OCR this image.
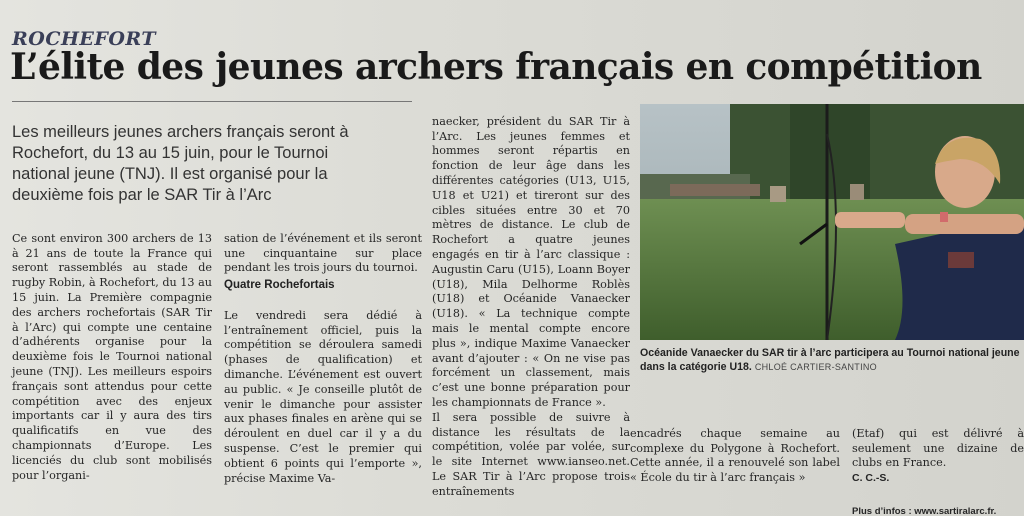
ROCHEFORT
L’élite des jeunes archers français en compétition
Les meilleurs jeunes archers français seront à Rochefort, du 13 au 15 juin, pour le Tournoi national jeune (TNJ). Il est organisé pour la deuxième fois par le SAR Tir à l’Arc

Ce sont environ 300 archers de 13 à 21 ans de toute la France qui seront rassemblés au stade de rugby Robin, à Rochefort, du 13 au 15 juin. La Première compagnie des archers rochefortais (SAR Tir à l’Arc) qui compte une centaine d’adhérents organise pour la deuxième fois le Tournoi national jeune (TNJ). Les meilleurs espoirs français sont attendus pour cette compétition avec des enjeux importants car il y aura des tirs qualificatifs en vue des championnats d’Europe. Les licenciés du club sont mobilisés pour l’organi-

sation de l’événement et ils seront une cinquantaine sur place pendant les trois jours du tournoi.

Quatre Rochefortais

Le vendredi sera dédié à l’entraînement officiel, puis la compétition se déroulera samedi (phases de qualification) et dimanche. L’événement est ouvert au public. « Je conseille plutôt de venir le dimanche pour assister aux phases finales en arène qui se déroulent en duel car il y a du suspense. C’est le premier qui obtient 6 points qui l’emporte », précise Maxime Va-

naecker, président du SAR Tir à l’Arc. Les jeunes femmes et hommes seront répartis en fonction de leur âge dans les différentes catégories (U13, U15, U18 et U21) et tireront sur des cibles situées entre 30 et 70 mètres de distance. Le club de Rochefort a quatre jeunes engagés en tir à l’arc classique : Augustin Caru (U15), Loann Boyer (U18), Mila Delhorme Roblès (U18) et Océanide Vanaecker (U18). « La technique compte mais le mental compte encore plus », indique Maxime Vanaecker avant d’ajouter : « On ne vise pas forcément un classement, mais c’est une bonne préparation pour les championnats de France ».

Il sera possible de suivre à distance les résultats de la compétition, volée par volée, sur le site Internet www.ianseo.net. Le SAR Tir à l’Arc propose trois entraînements

Océanide Vanaecker du SAR tir à l’arc participera au Tournoi national jeune dans la catégorie U18. CHLOÉ CARTIER-SANTINO

encadrés chaque semaine au complexe du Polygone à Rochefort. Cette année, il a renouvelé son label « École du tir à l’arc français »

(Etaf) qui est délivré à seulement une dizaine de clubs en France.

C. C.-S.

Plus d’infos : www.sartiralarc.fr.
